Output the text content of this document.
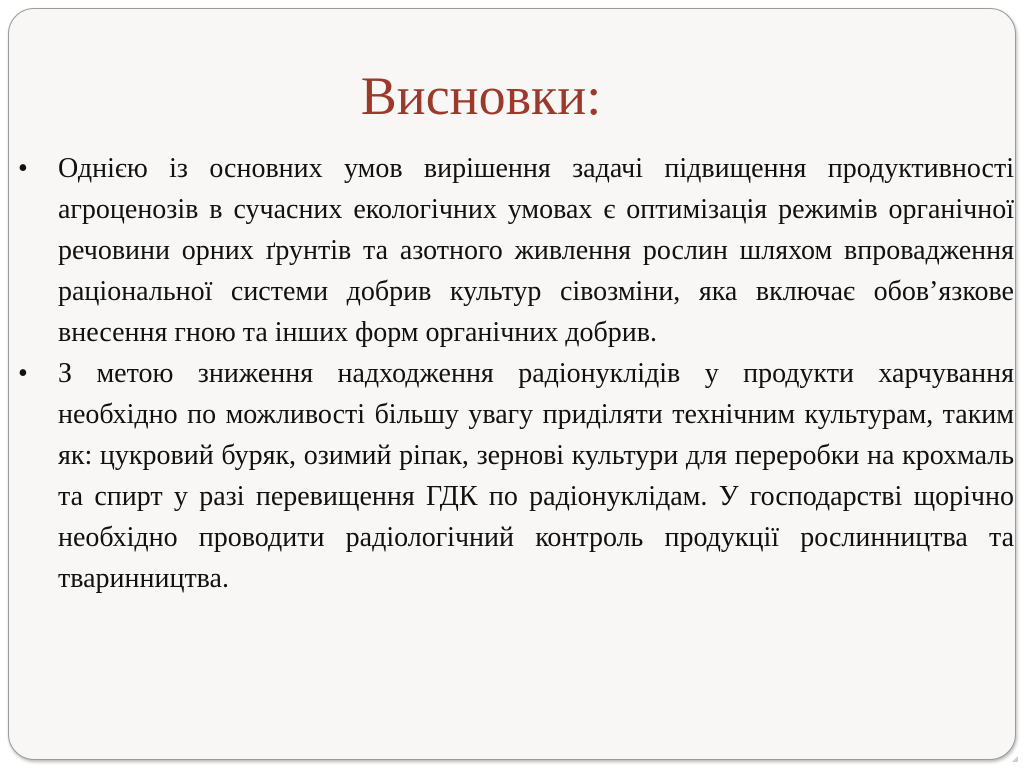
Висновки:
•	Однією із основних умов вирішення задачі підвищення продуктивності агроценозів в сучасних екологічних умовах є оптимізація режимів органічної речовини орних ґрунтів та азотного живлення рослин шляхом впровадження раціональної системи добрив культур сівозміни, яка включає обов’язкове внесення гною та інших форм органічних добрив.
•	З метою зниження надходження радіонуклідів у продукти харчування необхідно по можливості більшу увагу приділяти технічним культурам, таким як: цукровий буряк, озимий ріпак, зернові культури для переробки на крохмаль та спирт у разі перевищення ГДК по радіонуклідам. У господарстві щорічно необхідно проводити радіологічний контроль продукції рослинництва та тваринництва.
